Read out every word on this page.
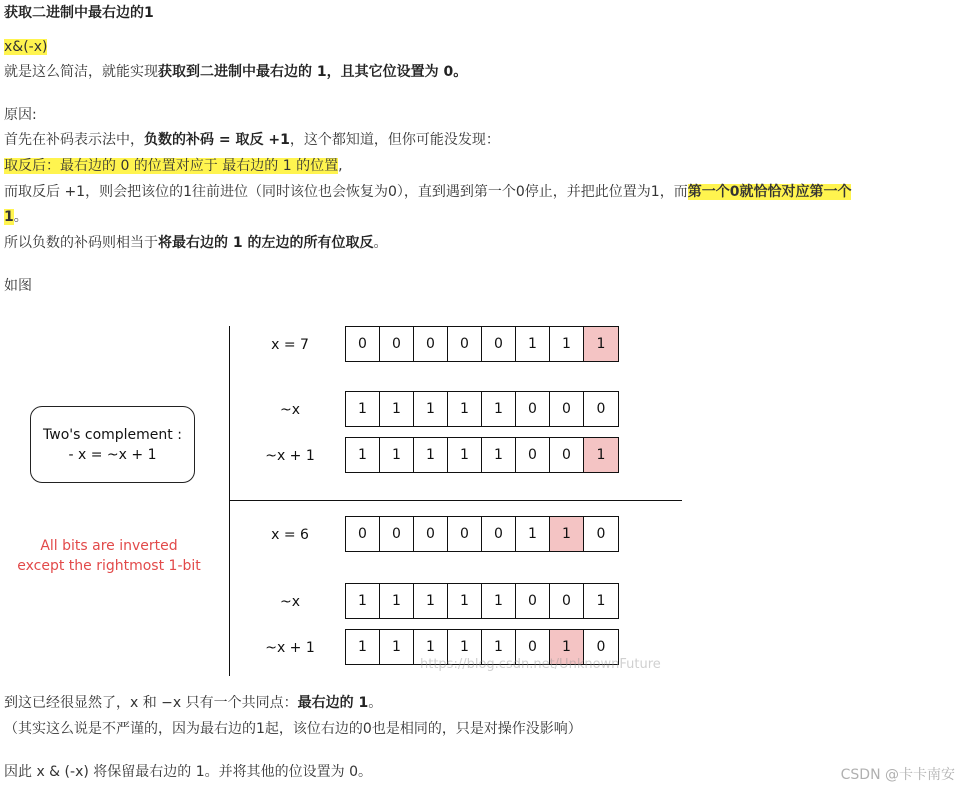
获取二进制中最右边的1
x&(-x)
就是这么简洁，就能实现获取到二进制中最右边的 1，且其它位设置为 0。
原因:
首先在补码表示法中，负数的补码 = 取反 +1，这个都知道，但你可能没发现：
取反后：最右边的 0 的位置对应于 最右边的 1 的位置,
而取反后 +1，则会把该位的1往前进位（同时该位也会恢复为0），直到遇到第一个0停止，并把此位置为1，而第一个0就恰恰对应第一个
1。
所以负数的补码则相当于将最右边的 1 的左边的所有位取反。
如图
Two's complement :
- x = ~x + 1
All bits are inverted
except the rightmost 1-bit
x = 7	0	0	0	0	0	1	1	1
~x	1	1	1	1	1	0	0	0
~x + 1	1	1	1	1	1	0	0	1
x = 6	0	0	0	0	0	1	1	0
~x	1	1	1	1	1	0	0	1
~x + 1	1	1	1	1	1	0	1	0
https://blog.csdn.net/UnknownFuture
到这已经很显然了，x 和 −x 只有一个共同点：最右边的 1。
（其实这么说是不严谨的，因为最右边的1起，该位右边的0也是相同的，只是对操作没影响）
因此 x & (-x) 将保留最右边的 1。并将其他的位设置为 0。	CSDN @卡卡南安
